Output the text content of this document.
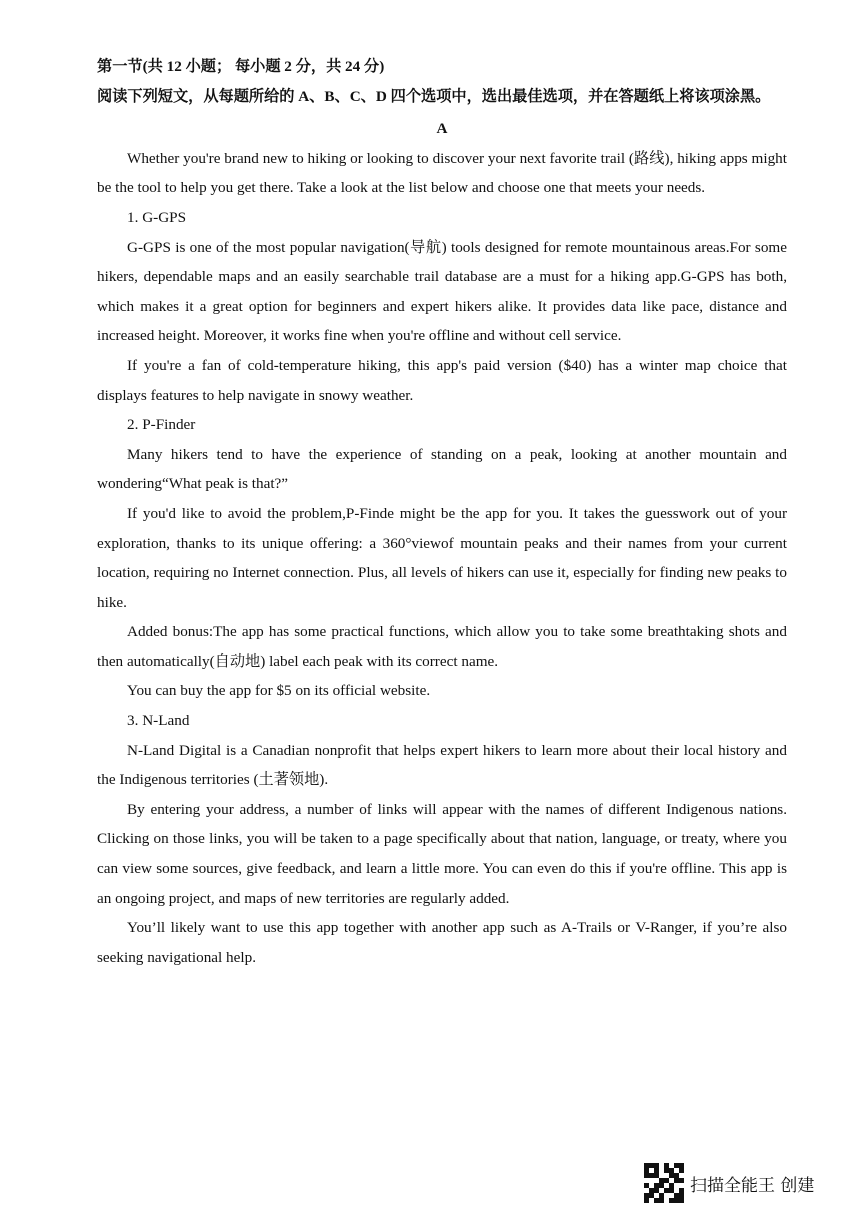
第一节(共 12 小题； 每小题 2 分，共 24 分)

阅读下列短文，从每题所给的 A、B、C、D 四个选项中，选出最佳选项，并在答题纸上将该项涂黑。

A

Whether you're brand new to hiking or looking to discover your next favorite trail (路线), hiking apps might be the tool to help you get there. Take a look at the list below and choose one that meets your needs.

1. G-GPS

G-GPS is one of the most popular navigation(导航) tools designed for remote mountainous areas.For some hikers, dependable maps and an easily searchable trail database are a must for a hiking app.G-GPS has both, which makes it a great option for beginners and expert hikers alike. It provides data like pace, distance and increased height. Moreover, it works fine when you're offline and without cell service.

If you're a fan of cold-temperature hiking, this app's paid version ($40) has a winter map choice that displays features to help navigate in snowy weather.

2. P-Finder

Many hikers tend to have the experience of standing on a peak, looking at another mountain and wondering“What peak is that?”

If you'd like to avoid the problem,P-Finde might be the app for you. It takes the guesswork out of your exploration, thanks to its unique offering: a 360°viewof mountain peaks and their names from your current location, requiring no Internet connection. Plus, all levels of hikers can use it, especially for finding new peaks to hike.

Added bonus:The app has some practical functions, which allow you to take some breathtaking shots and then automatically(自动地) label each peak with its correct name.

You can buy the app for $5 on its official website.

3. N-Land

N-Land Digital is a Canadian nonprofit that helps expert hikers to learn more about their local history and the Indigenous territories (土著领地).

By entering your address, a number of links will appear with the names of different Indigenous nations. Clicking on those links, you will be taken to a page specifically about that nation, language, or treaty, where you can view some sources, give feedback, and learn a little more. You can even do this if you're offline. This app is an ongoing project, and maps of new territories are regularly added.

You’ll likely want to use this app together with another app such as A-Trails or V-Ranger, if you’re also seeking navigational help.

扫描全能王 创建
